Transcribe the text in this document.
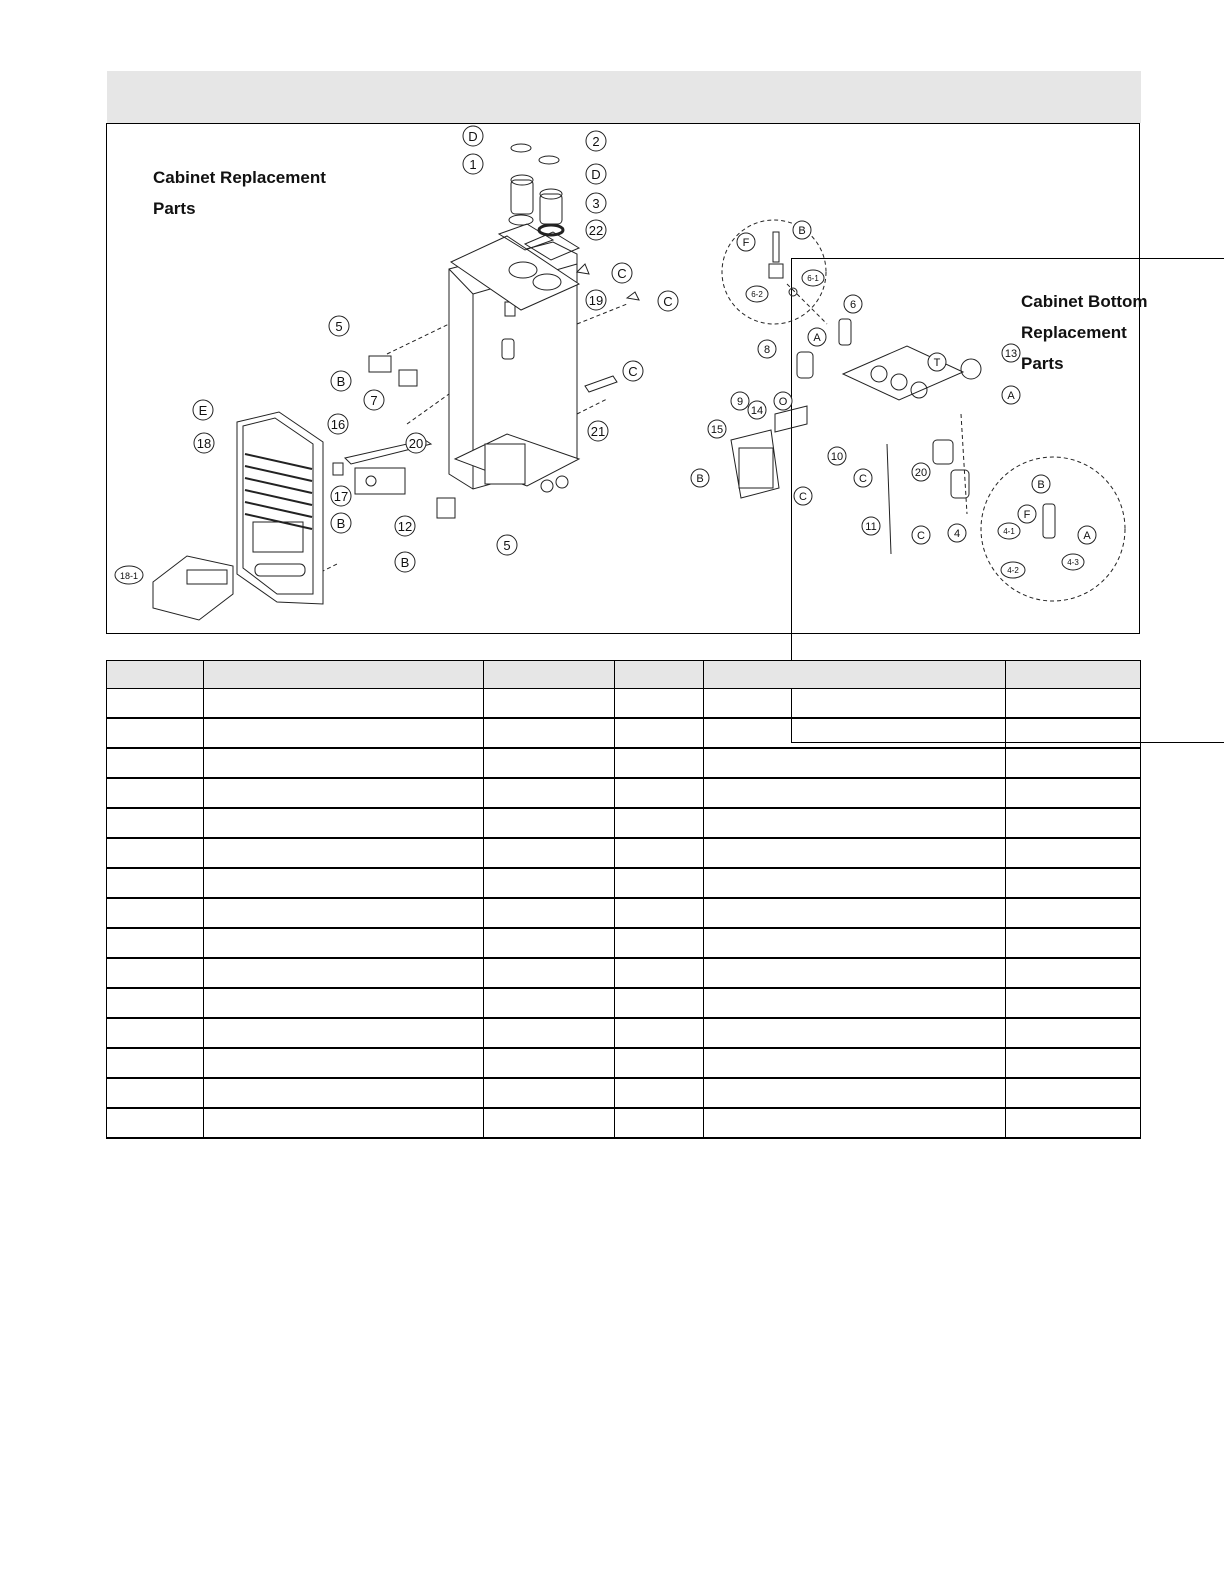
Cabinet Replacement
Parts
Cabinet Bottom
Replacement
Parts
D	2
1
D
3
22
C
19	C
5
B
7
C
E
18
16
20
21
17
B	12
B
5
18-1
F
B
6-2
6-1
6
A
8
T
13
9	O	A
14
15
10
C	20
B
C
B
11
C	4
F
4-1	A
4-2
4-3
